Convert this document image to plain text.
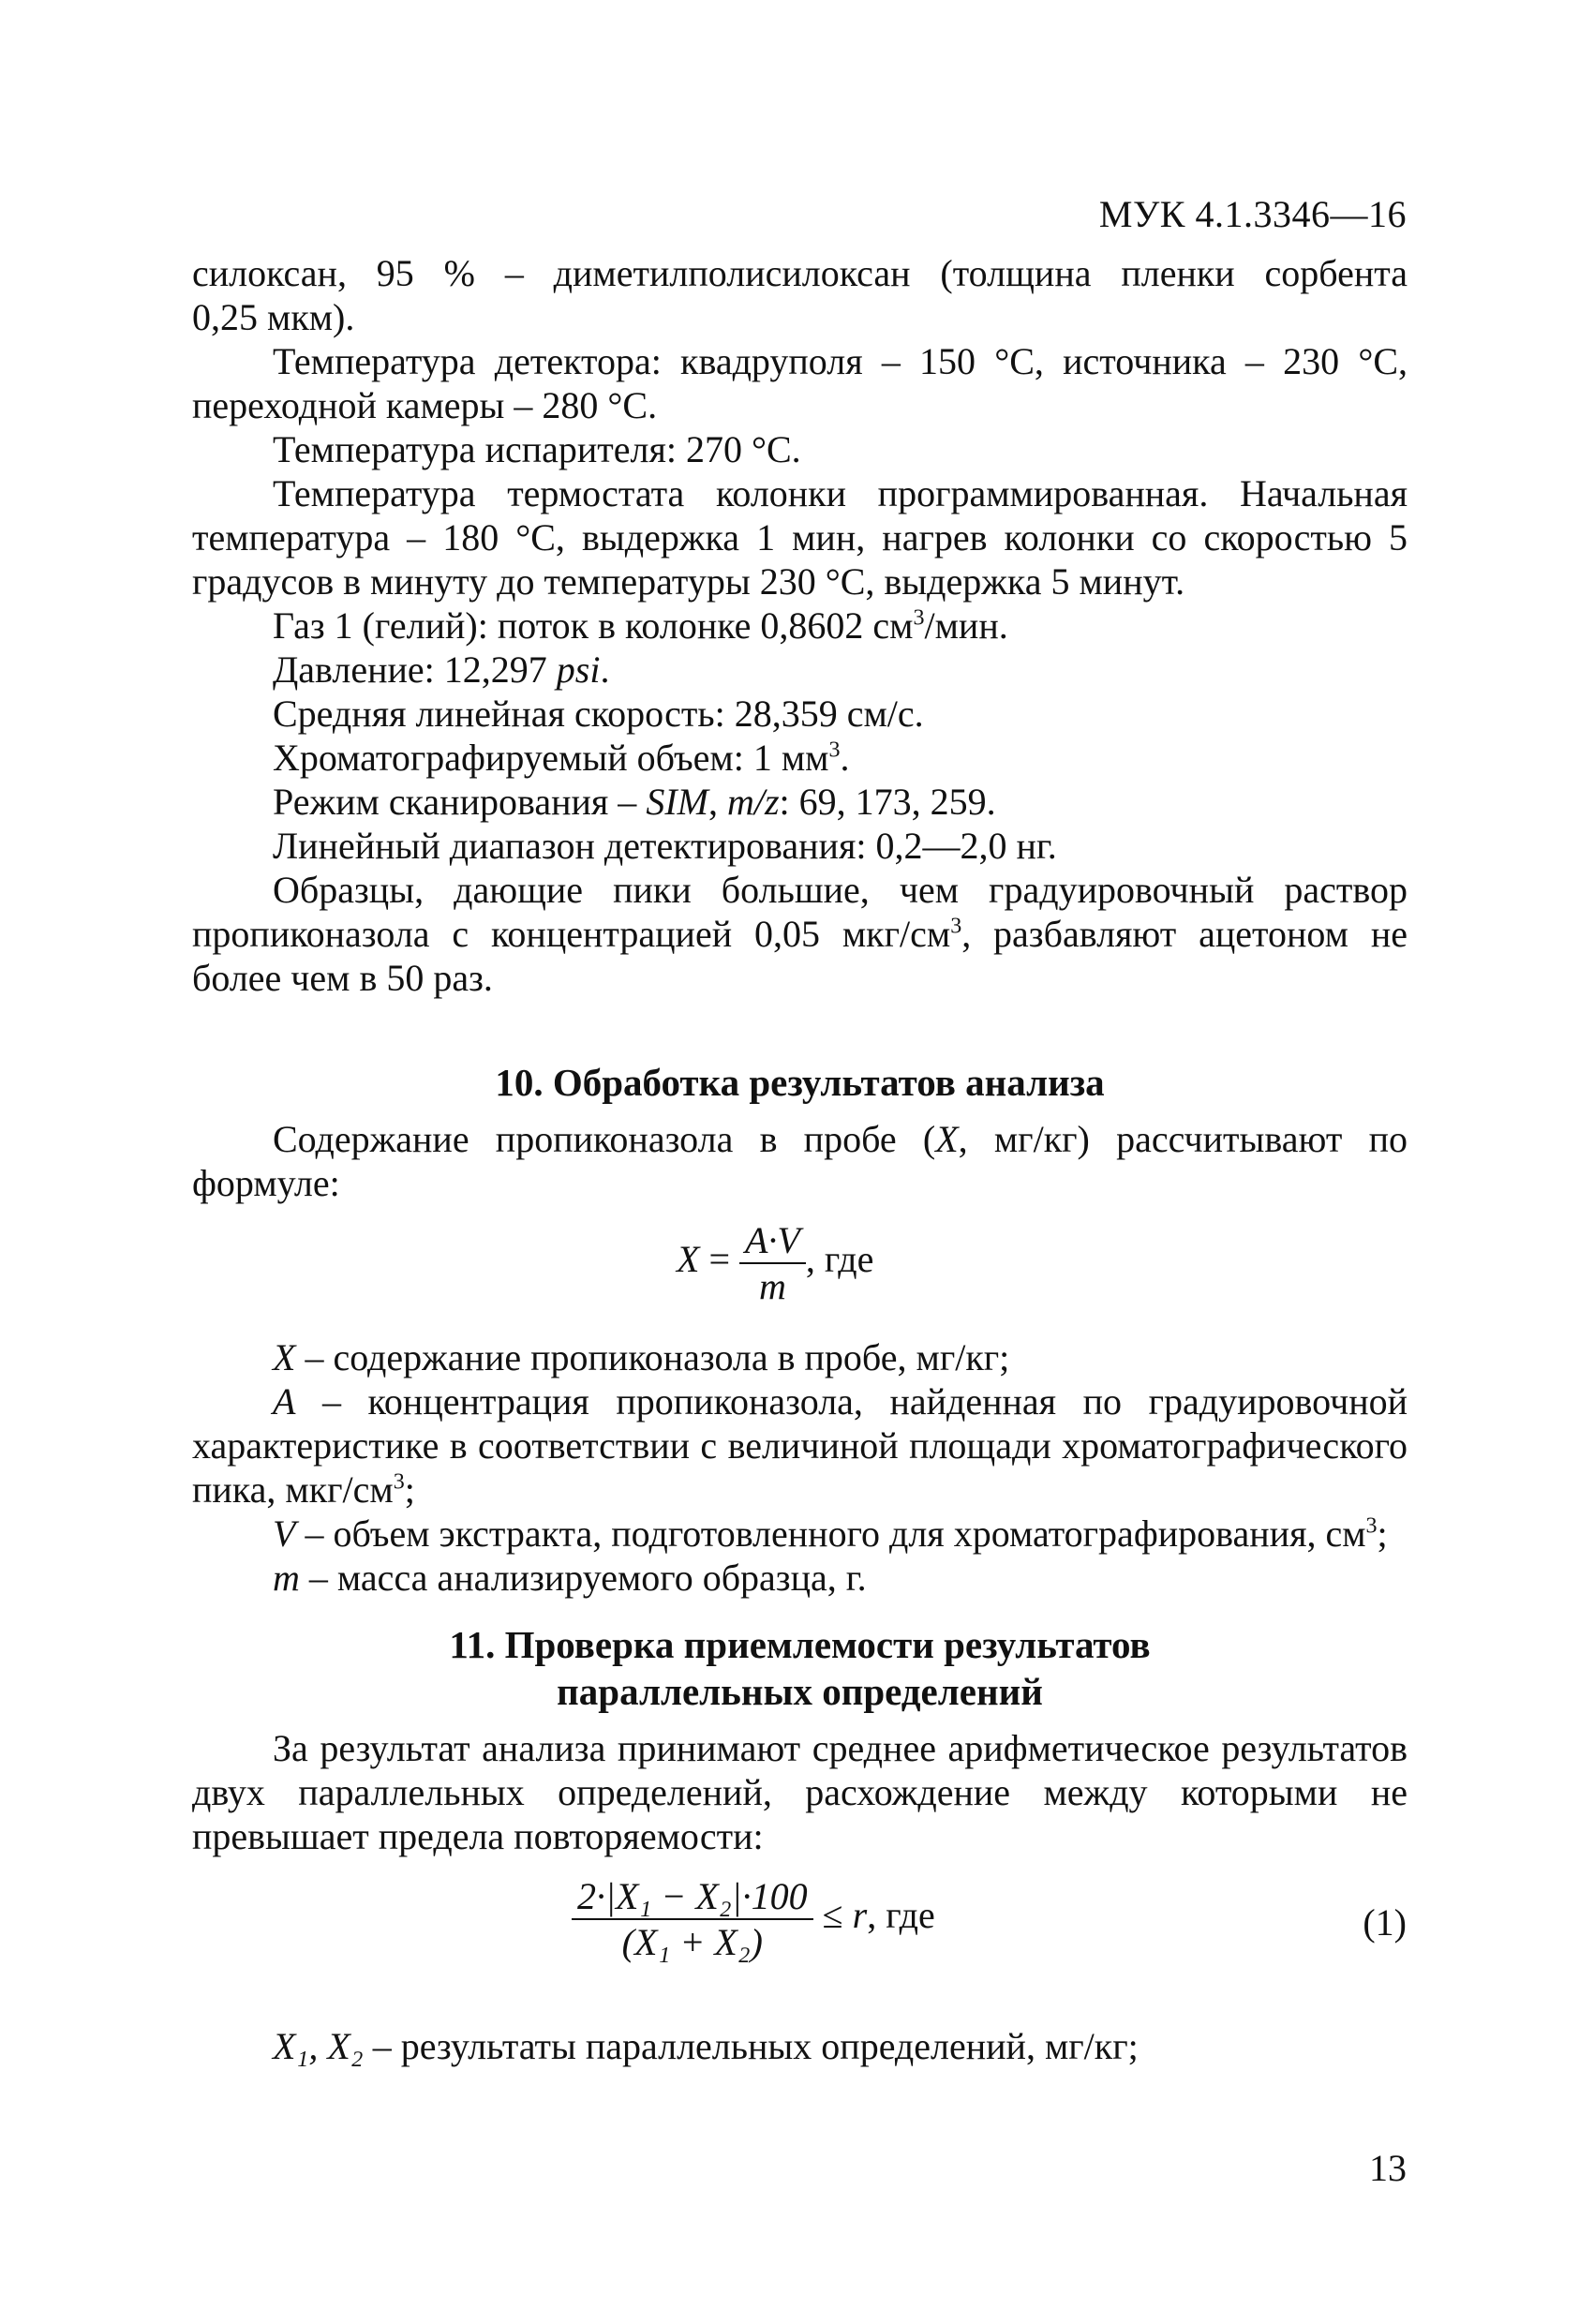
МУК 4.1.3346—16

силоксан, 95 % – диметилполисилоксан (толщина пленки сорбента

0,25 мкм).

Температура детектора: квадруполя – 150 °C, источника – 230 °C, переходной камеры – 280 °C.

Температура испарителя: 270 °C.

Температура термостата колонки программированная. Начальная температура – 180 °C, выдержка 1 мин, нагрев колонки со скоростью 5 градусов в минуту до температуры 230 °C, выдержка 5 минут.

Газ 1 (гелий): поток в колонке 0,8602 $см^3$/мин.

Давление: 12,297 psi.

Средняя линейная скорость: 28,359 см/с.

Хроматографируемый объем: 1 $мм^3$.

Режим сканирования – SIM, m/z: 69, 173, 259.

Линейный диапазон детектирования: 0,2—2,0 нг.

Образцы, дающие пики большие, чем градуировочный раствор пропиконазола с концентрацией 0,05 мкг/$см^3$, разбавляют ацетоном не более чем в 50 раз.

10. Обработка результатов анализа

Содержание пропиконазола в пробе (X, мг/кг) рассчитывают по формуле:

$X = \frac{A\cdot V}{m}$ , где

X – содержание пропиконазола в пробе, мг/кг;

A – концентрация пропиконазола, найденная по градуировочной характеристике в соответствии с величиной площади хроматографического пика, мкг/$см^3$;

V – объем экстракта, подготовленного для хроматографирования, $см^3$;

m – масса анализируемого образца, г.

11. Проверка приемлемости результатов

параллельных определений

За результат анализа принимают среднее арифметическое результатов двух параллельных определений, расхождение между которыми не превышает предела повторяемости:

$\frac{\text{2·|X₁ − X₂|·100}}{\text{(X₁ + X₂)}} \le r$, где	(1)

X₁, X₂ – результаты параллельных определений, мг/кг;

13
